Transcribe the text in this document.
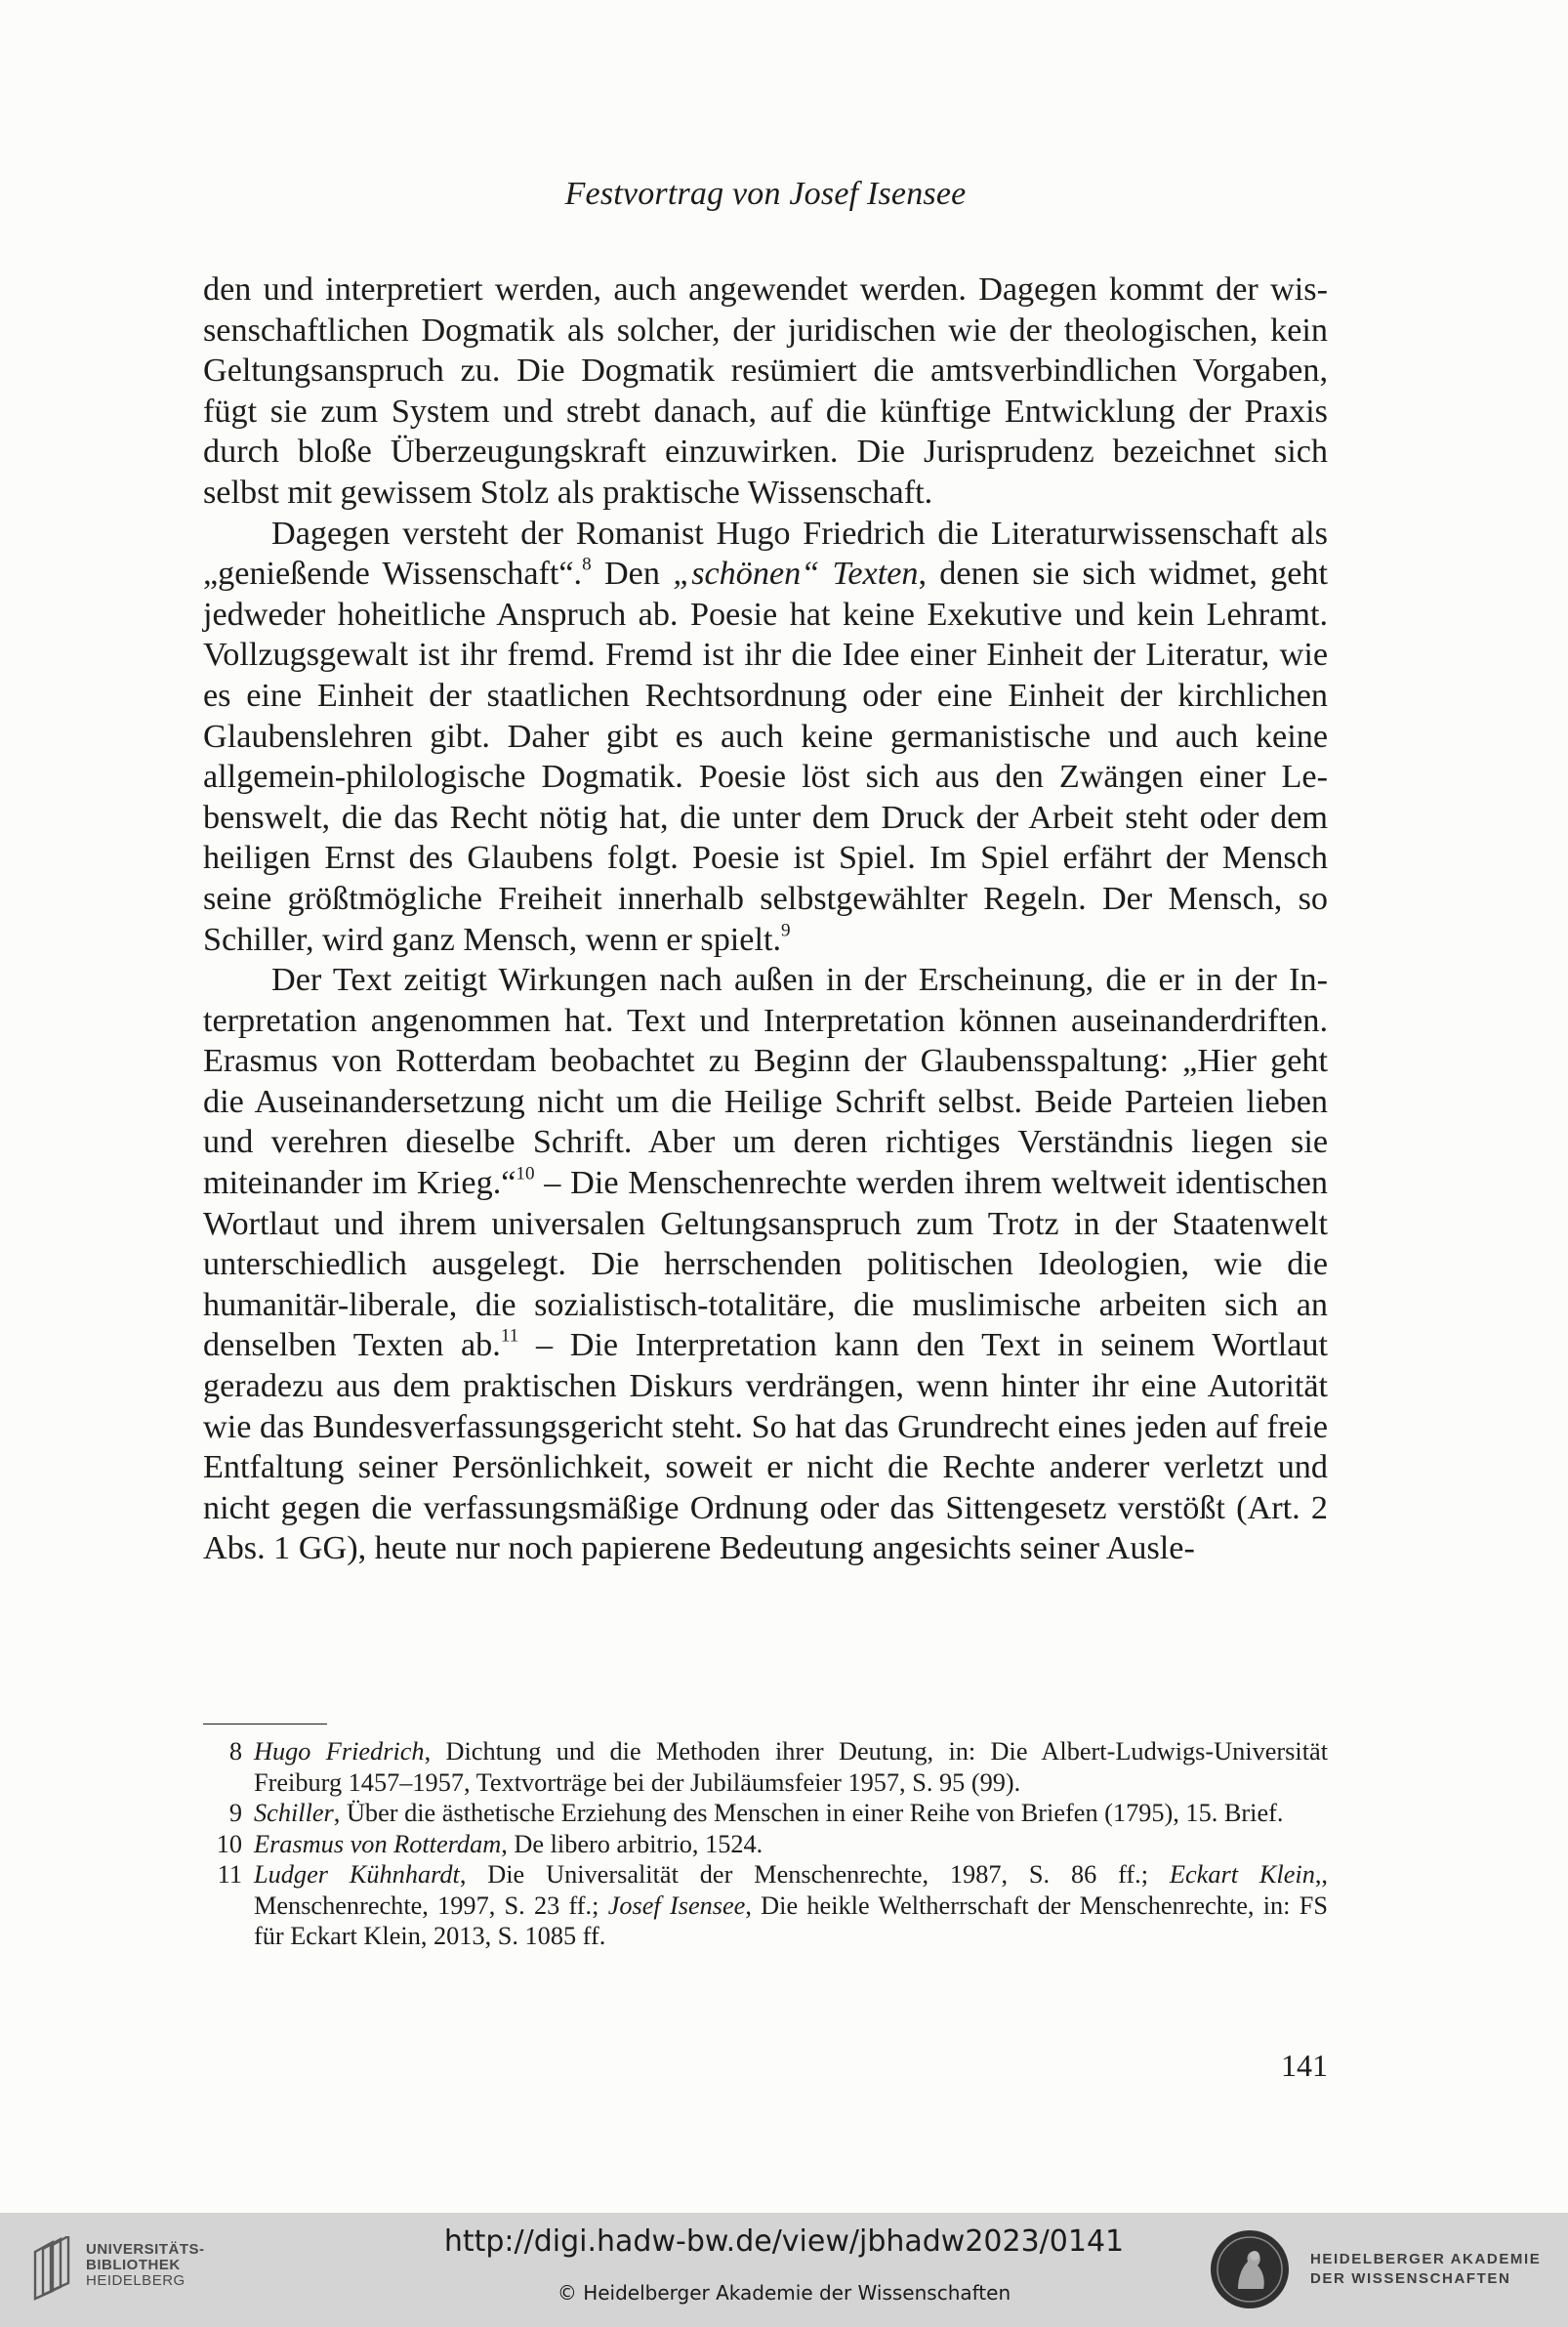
Festvortrag von Josef Isensee

den und interpretiert werden, auch angewendet werden. Dagegen kommt der wissenschaftlichen Dogmatik als solcher, der juridischen wie der theologischen, kein Geltungsanspruch zu. Die Dogmatik resümiert die amtsverbindlichen Vorgaben, fügt sie zum System und strebt danach, auf die künftige Entwicklung der Praxis durch bloße Überzeugungskraft einzuwirken. Die Jurisprudenz bezeichnet sich selbst mit gewissem Stolz als praktische Wissenschaft.

Dagegen versteht der Romanist Hugo Friedrich die Literaturwissenschaft als „genießende Wissenschaft“.$^8$ Den „schönen“ Texten, denen sie sich widmet, geht jedweder hoheitliche Anspruch ab. Poesie hat keine Exekutive und kein Lehramt. Vollzugsgewalt ist ihr fremd. Fremd ist ihr die Idee einer Einheit der Literatur, wie es eine Einheit der staatlichen Rechtsordnung oder eine Einheit der kirchlichen Glaubenslehren gibt. Daher gibt es auch keine germanistische und auch keine allgemein-philologische Dogmatik. Poesie löst sich aus den Zwängen einer Lebenswelt, die das Recht nötig hat, die unter dem Druck der Arbeit steht oder dem heiligen Ernst des Glaubens folgt. Poesie ist Spiel. Im Spiel erfährt der Mensch seine größtmögliche Freiheit innerhalb selbstgewählter Regeln. Der Mensch, so Schiller, wird ganz Mensch, wenn er spielt.$^9$

Der Text zeitigt Wirkungen nach außen in der Erscheinung, die er in der Interpretation angenommen hat. Text und Interpretation können auseinanderdriften. Erasmus von Rotterdam beobachtet zu Beginn der Glaubensspaltung: „Hier geht die Auseinandersetzung nicht um die Heilige Schrift selbst. Beide Parteien lieben und verehren dieselbe Schrift. Aber um deren richtiges Verständnis liegen sie miteinander im Krieg.“$^{10}$ – Die Menschenrechte werden ihrem weltweit identischen Wortlaut und ihrem universalen Geltungsanspruch zum Trotz in der Staatenwelt unterschiedlich ausgelegt. Die herrschenden politischen Ideologien, wie die humanitär-liberale, die sozialistisch-totalitäre, die muslimische arbeiten sich an denselben Texten ab.$^{11}$ – Die Interpretation kann den Text in seinem Wortlaut geradezu aus dem praktischen Diskurs verdrängen, wenn hinter ihr eine Autorität wie das Bundesverfassungsgericht steht. So hat das Grundrecht eines jeden auf freie Entfaltung seiner Persönlichkeit, soweit er nicht die Rechte anderer verletzt und nicht gegen die verfassungsmäßige Ordnung oder das Sittengesetz verstößt (Art. 2 Abs. 1 GG), heute nur noch papierene Bedeutung angesichts seiner Ausle-

8 Hugo Friedrich, Dichtung und die Methoden ihrer Deutung, in: Die Albert-Ludwigs-Universität Freiburg 1457–1957, Textvorträge bei der Jubiläumsfeier 1957, S. 95 (99).
9 Schiller, Über die ästhetische Erziehung des Menschen in einer Reihe von Briefen (1795), 15. Brief.
10 Erasmus von Rotterdam, De libero arbitrio, 1524.
11 Ludger Kühnhardt, Die Universalität der Menschenrechte, 1987, S. 86 ff.; Eckart Klein,, Menschenrechte, 1997, S. 23 ff.; Josef Isensee, Die heikle Weltherrschaft der Menschenrechte, in: FS für Eckart Klein, 2013, S. 1085 ff.
141
UNIVERSITÄTS-
BIBLIOTHEK
HEIDELBERG
http://digi.hadw-bw.de/view/jbhadw2023/0141
© Heidelberger Akademie der Wissenschaften
HEIDELBERGER AKADEMIE
DER WISSENSCHAFTEN
